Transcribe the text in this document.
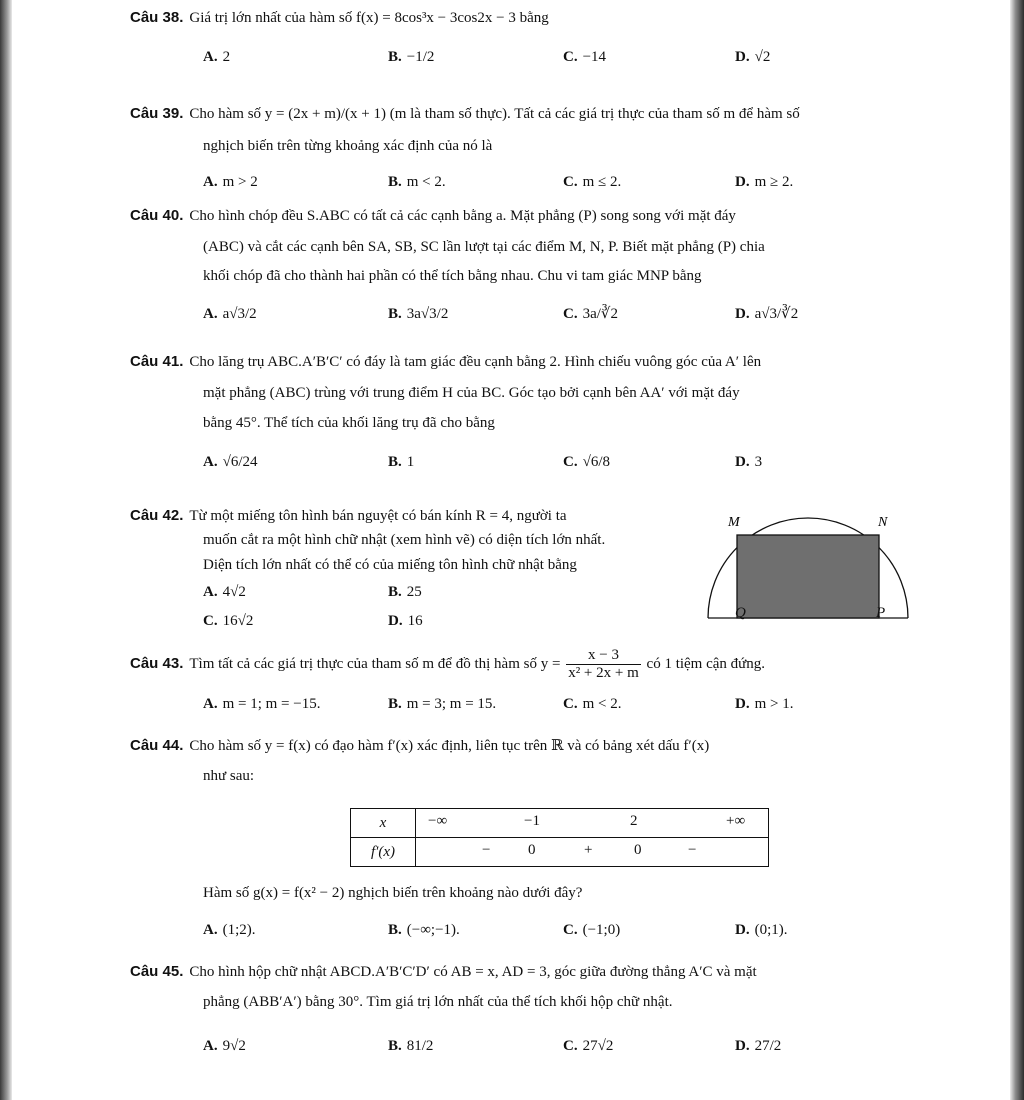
Câu 38. Giá trị lớn nhất của hàm số f(x) = 8cos³x − 3cos2x − 3 bằng
A. 2	B. −1/2	C. −14	D. √2
Câu 39. Cho hàm số y = (2x + m)/(x + 1) (m là tham số thực). Tất cả các giá trị thực của tham số m để hàm số
nghịch biến trên từng khoảng xác định của nó là
A. m > 2	B. m < 2.	C. m ≤ 2.	D. m ≥ 2.
Câu 40. Cho hình chóp đều S.ABC có tất cả các cạnh bằng a. Mặt phẳng (P) song song với mặt đáy
(ABC) và cắt các cạnh bên SA, SB, SC lần lượt tại các điểm M, N, P. Biết mặt phẳng (P) chia
khối chóp đã cho thành hai phần có thể tích bằng nhau. Chu vi tam giác MNP bằng
A. a√3/2	B. 3a√3/2	C. 3a/∛2	D. a√3/∛2
Câu 41. Cho lăng trụ ABC.A′B′C′ có đáy là tam giác đều cạnh bằng 2. Hình chiếu vuông góc của A′ lên
mặt phẳng (ABC) trùng với trung điểm H của BC. Góc tạo bởi cạnh bên AA′ với mặt đáy
bằng 45°. Thể tích của khối lăng trụ đã cho bằng
A. √6/24	B. 1	C. √6/8	D. 3
Câu 42. Từ một miếng tôn hình bán nguyệt có bán kính R = 4, người ta
muốn cắt ra một hình chữ nhật (xem hình vẽ) có diện tích lớn nhất.
Diện tích lớn nhất có thể có của miếng tôn hình chữ nhật bằng
A. 4√2	B. 25
C. 16√2	D. 16
M	N
Q	P
Câu 43. Tìm tất cả các giá trị thực của tham số m để đồ thị hàm số $y = \frac{x - 3}{\text{x² + 2x + m}}$ có 1 tiệm cận đứng.
A. m = 1; m = −15.	B. m = 3; m = 15.	C. m < 2.	D. m > 1.
Câu 44. Cho hàm số y = f(x) có đạo hàm f′(x) xác định, liên tục trên ℝ và có bảng xét dấu f′(x)
như sau:
x	−∞ −1 2 +∞

f′(x)	− 0 + 0 −
Hàm số g(x) = f(x² − 2) nghịch biến trên khoảng nào dưới đây?
A. (1;2).	B. (−∞;−1).	C. (−1;0)	D. (0;1).
Câu 45. Cho hình hộp chữ nhật ABCD.A′B′C′D′ có AB = x, AD = 3, góc giữa đường thẳng A′C và mặt
phẳng (ABB′A′) bằng 30°. Tìm giá trị lớn nhất của thể tích khối hộp chữ nhật.
A. 9√2	B. 81/2	C. 27√2	D. 27/2
